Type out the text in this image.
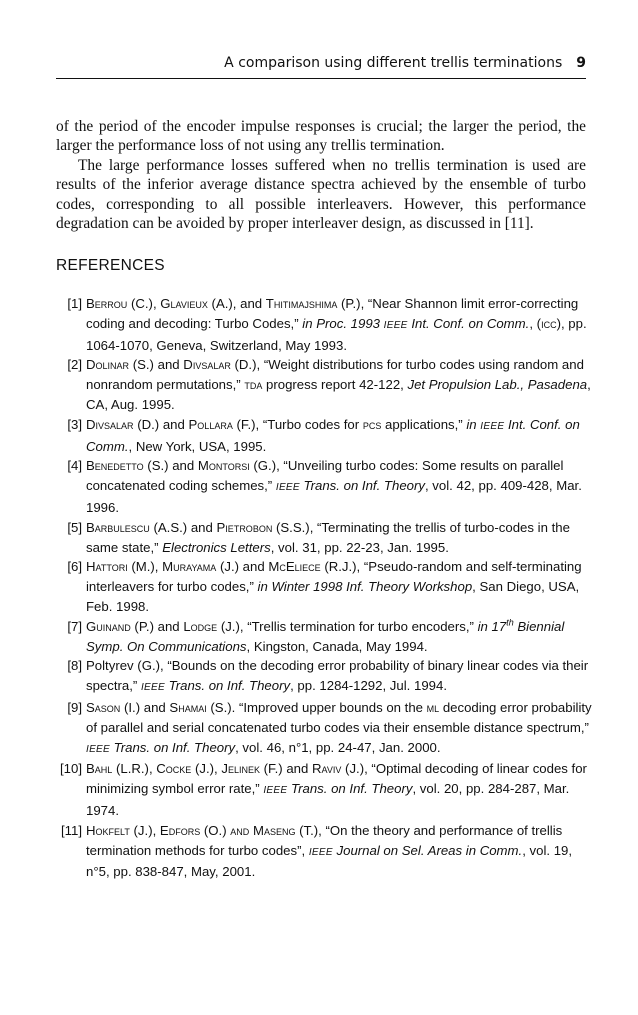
A comparison using different trellis terminations 9

of the period of the encoder impulse responses is crucial; the larger the period, the larger the performance loss of not using any trellis termination.

The large performance losses suffered when no trellis termination is used are results of the inferior average distance spectra achieved by the ensemble of turbo codes, corresponding to all possible interleavers. However, this performance degradation can be avoided by proper interleaver design, as discussed in [11].

REFERENCES
[1] Berrou (C.), Glavieux (A.), and Thitimajshima (P.), “Near Shannon limit error-correcting coding and decoding: Turbo Codes,” in Proc. 1993 IEEE Int. Conf. on Comm., (icc), pp. 1064-1070, Geneva, Switzerland, May 1993.
[2] Dolinar (S.) and Divsalar (D.), “Weight distributions for turbo codes using random and nonrandom permutations,” tda progress report 42-122, Jet Propulsion Lab., Pasadena, CA, Aug. 1995.
[3] Divsalar (D.) and Pollara (F.), “Turbo codes for pcs applications,” in IEEE Int. Conf. on Comm., New York, USA, 1995.
[4] Benedetto (S.) and Montorsi (G.), “Unveiling turbo codes: Some results on parallel concatenated coding schemes,” IEEE Trans. on Inf. Theory, vol. 42, pp. 409-428, Mar. 1996.
[5] Barbulescu (A.S.) and Pietrobon (S.S.), “Terminating the trellis of turbo-codes in the same state,” Electronics Letters, vol. 31, pp. 22-23, Jan. 1995.
[6] Hattori (M.), Murayama (J.) and McEliece (R.J.), “Pseudo-random and self-terminating interleavers for turbo codes,” in Winter 1998 Inf. Theory Workshop, San Diego, USA, Feb. 1998.
[7] Guinand (P.) and Lodge (J.), “Trellis termination for turbo encoders,” in 17th Biennial Symp. On Communications, Kingston, Canada, May 1994.
[8] Poltyrev (G.), “Bounds on the decoding error probability of binary linear codes via their spectra,” IEEE Trans. on Inf. Theory, pp. 1284-1292, Jul. 1994.
[9] Sason (I.) and Shamai (S.). “Improved upper bounds on the ml decoding error probability of parallel and serial concatenated turbo codes via their ensemble distance spectrum,” IEEE Trans. on Inf. Theory, vol. 46, n°1, pp. 24-47, Jan. 2000.
[10] Bahl (L.R.), Cocke (J.), Jelinek (F.) and Raviv (J.), “Optimal decoding of linear codes for minimizing symbol error rate,” IEEE Trans. on Inf. Theory, vol. 20, pp. 284-287, Mar. 1974.
[11] Hokfelt (J.), Edfors (O.) and Maseng (T.), “On the theory and performance of trellis termination methods for turbo codes”, IEEE Journal on Sel. Areas in Comm., vol. 19, n°5, pp. 838-847, May, 2001.
